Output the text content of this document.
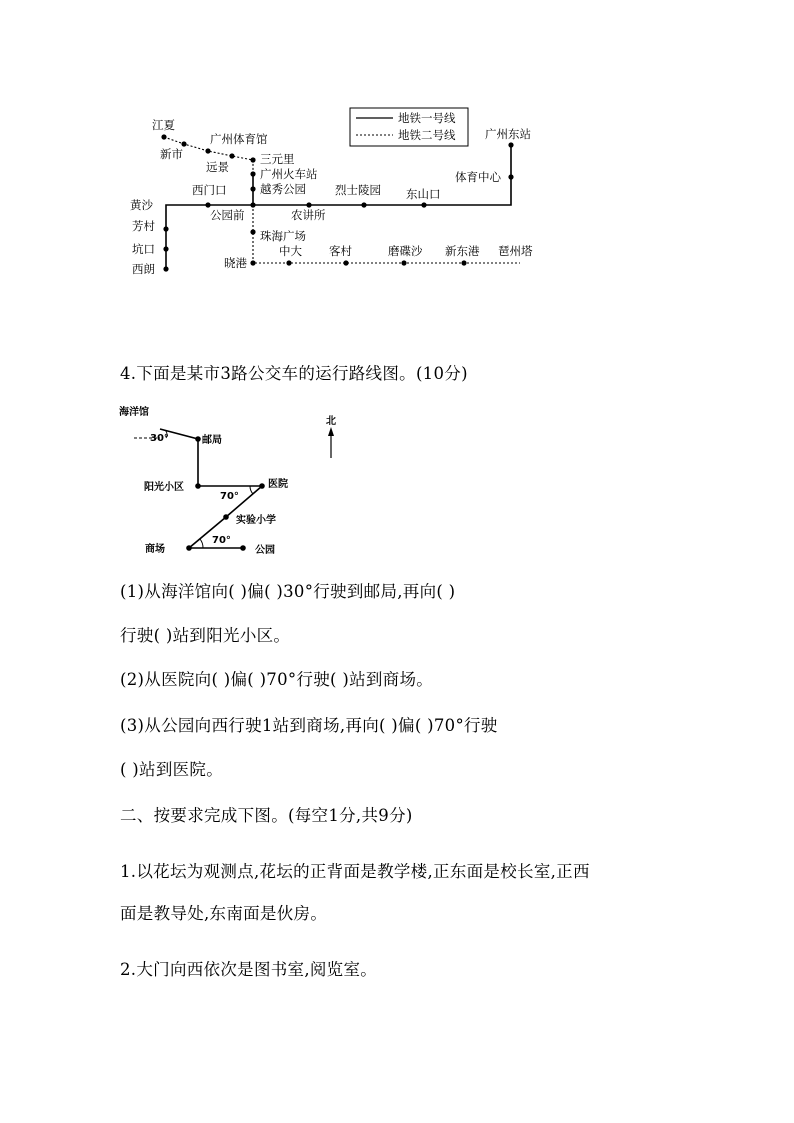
地铁一号线
地铁二号线
江夏
新市
广州体育馆
远景
三元里
广州火车站
越秀公园
西门口
公园前	农讲所
烈士陵园 东山口
体育中心
广州东站
黄沙
芳村
坑口
西朗
珠海广场
晓港
中大 客村	磨碟沙 新东港 琶州塔
4.下面是某市3路公交车的运行路线图。(10分)
北
海洋馆
30°	邮局
阳光小区
70°
医院
实验小学
70°
商场	公园
(1)从海洋馆向( )偏( )30°行驶到邮局,再向( )
行驶( )站到阳光小区。
(2)从医院向( )偏( )70°行驶( )站到商场。
(3)从公园向西行驶1站到商场,再向( )偏( )70°行驶
( )站到医院。
二、按要求完成下图。(每空1分,共9分)
1.以花坛为观测点,花坛的正背面是教学楼,正东面是校长室,正西
面是教导处,东南面是伙房。
2.大门向西依次是图书室,阅览室。
